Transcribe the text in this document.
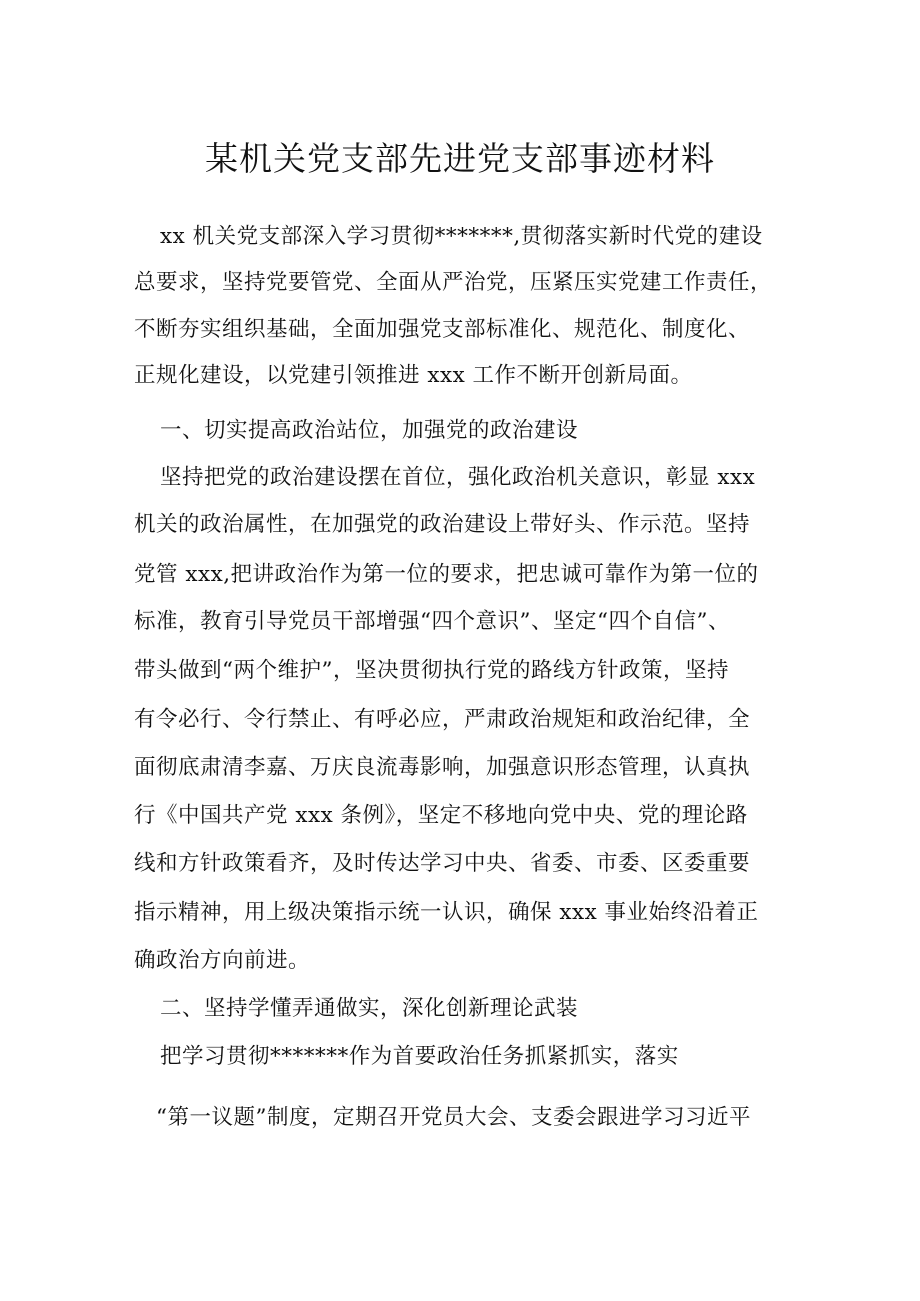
某机关党支部先进党支部事迹材料

xx 机关党支部深入学习贯彻*******,贯彻落实新时代党的建设

总要求，坚持党要管党、全面从严治党，压紧压实党建工作责任，

不断夯实组织基础，全面加强党支部标准化、规范化、制度化、

正规化建设，以党建引领推进 xxx 工作不断开创新局面。

一、切实提高政治站位，加强党的政治建设

坚持把党的政治建设摆在首位，强化政治机关意识，彰显 xxx

机关的政治属性，在加强党的政治建设上带好头、作示范。坚持

党管 xxx,把讲政治作为第一位的要求，把忠诚可靠作为第一位的

标准，教育引导党员干部增强“四个意识”、坚定“四个自信”、

带头做到“两个维护”，坚决贯彻执行党的路线方针政策，坚持

有令必行、令行禁止、有呼必应，严肃政治规矩和政治纪律，全

面彻底肃清李嘉、万庆良流毒影响，加强意识形态管理，认真执

行《中国共产党 xxx 条例》，坚定不移地向党中央、党的理论路

线和方针政策看齐，及时传达学习中央、省委、市委、区委重要

指示精神，用上级决策指示统一认识，确保 xxx 事业始终沿着正

确政治方向前进。

二、坚持学懂弄通做实，深化创新理论武装

把学习贯彻*******作为首要政治任务抓紧抓实，落实

“第一议题”制度，定期召开党员大会、支委会跟进学习习近平
